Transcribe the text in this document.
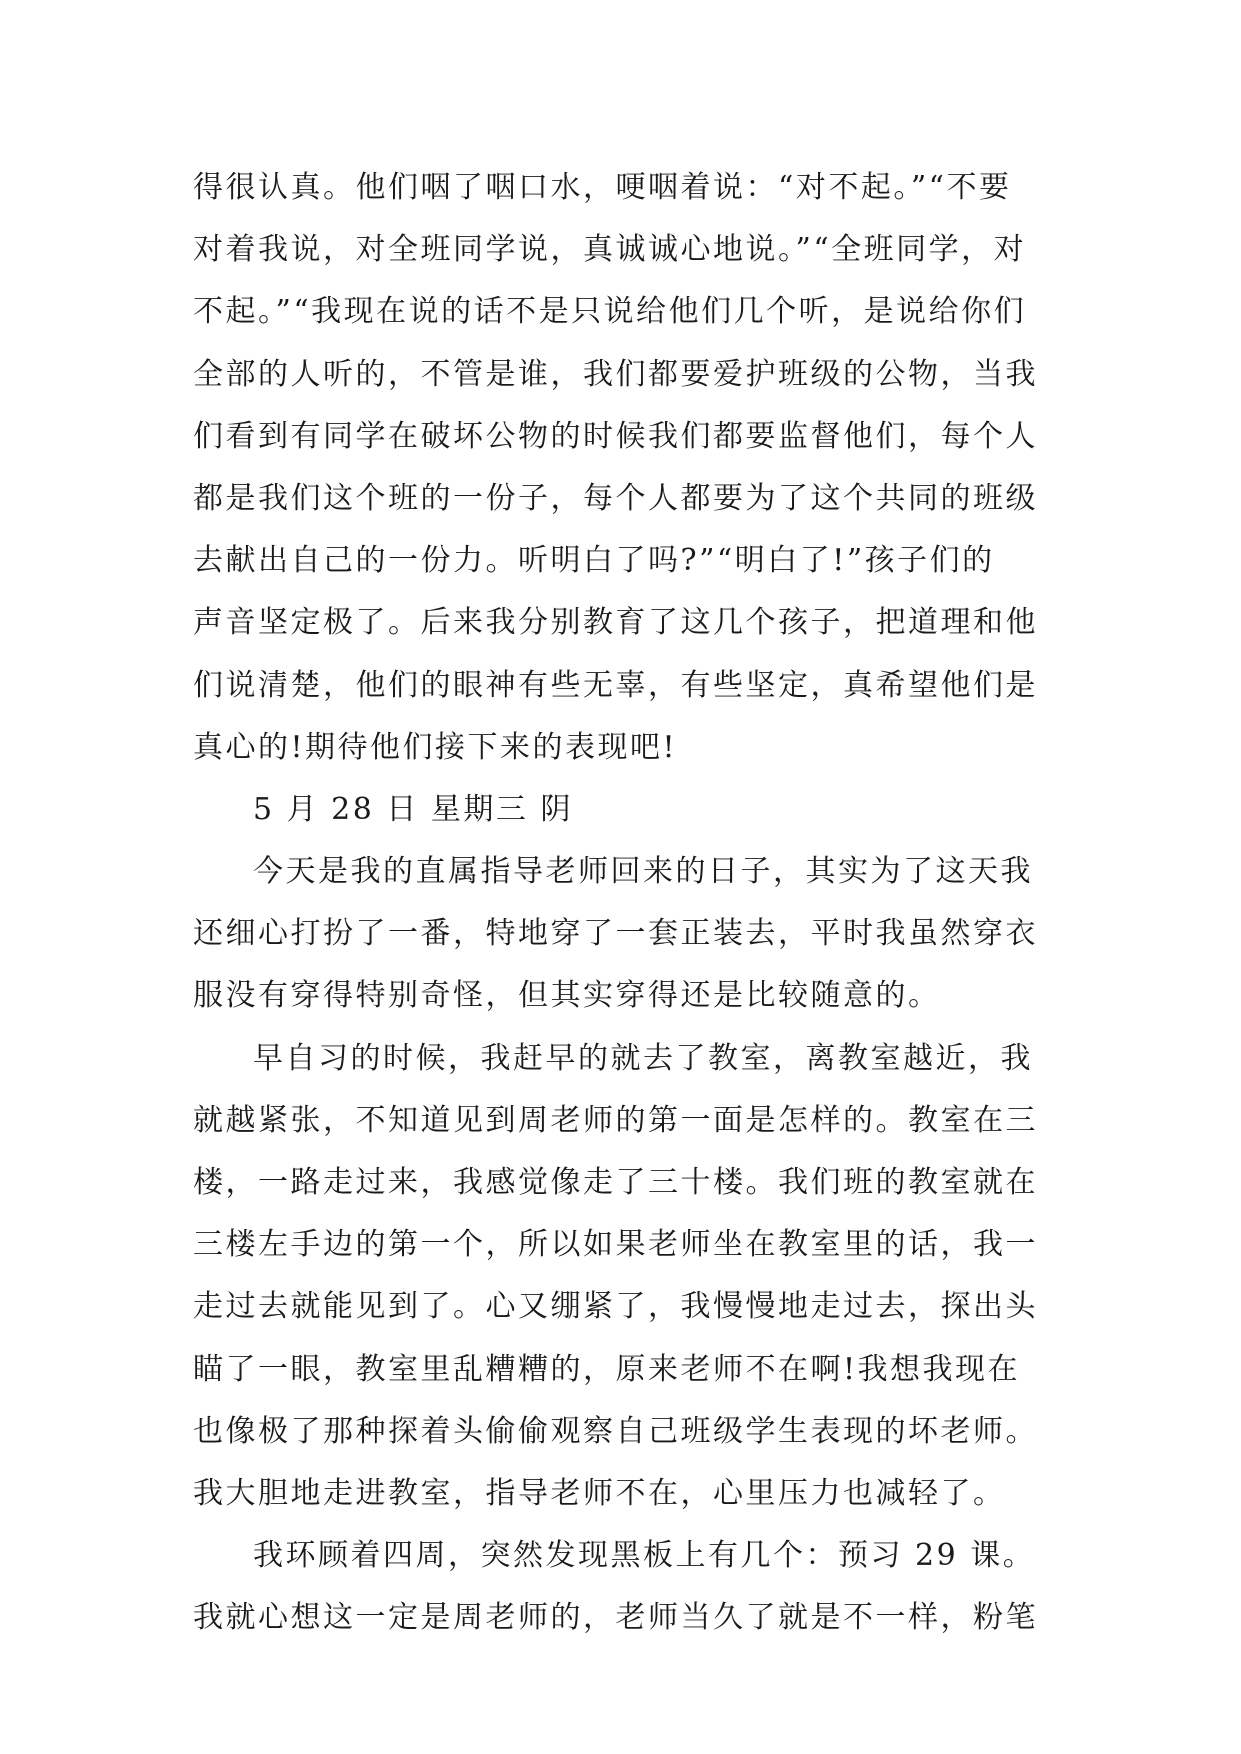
得很认真。他们咽了咽口水，哽咽着说：“对不起。”“不要
对着我说，对全班同学说，真诚诚心地说。”“全班同学，对
不起。”“我现在说的话不是只说给他们几个听，是说给你们
全部的人听的，不管是谁，我们都要爱护班级的公物，当我
们看到有同学在破坏公物的时候我们都要监督他们，每个人
都是我们这个班的一份子，每个人都要为了这个共同的班级
去献出自己的一份力。听明白了吗?”“明白了!”孩子们的
声音坚定极了。后来我分别教育了这几个孩子，把道理和他
们说清楚，他们的眼神有些无辜，有些坚定，真希望他们是
真心的!期待他们接下来的表现吧!
5 月 28 日 星期三 阴
今天是我的直属指导老师回来的日子，其实为了这天我
还细心打扮了一番，特地穿了一套正装去，平时我虽然穿衣
服没有穿得特别奇怪，但其实穿得还是比较随意的。
早自习的时候，我赶早的就去了教室，离教室越近，我
就越紧张，不知道见到周老师的第一面是怎样的。教室在三
楼，一路走过来，我感觉像走了三十楼。我们班的教室就在
三楼左手边的第一个，所以如果老师坐在教室里的话，我一
走过去就能见到了。心又绷紧了，我慢慢地走过去，探出头
瞄了一眼，教室里乱糟糟的，原来老师不在啊!我想我现在
也像极了那种探着头偷偷观察自己班级学生表现的坏老师。
我大胆地走进教室，指导老师不在，心里压力也减轻了。
我环顾着四周，突然发现黑板上有几个：预习 29 课。
我就心想这一定是周老师的，老师当久了就是不一样，粉笔
